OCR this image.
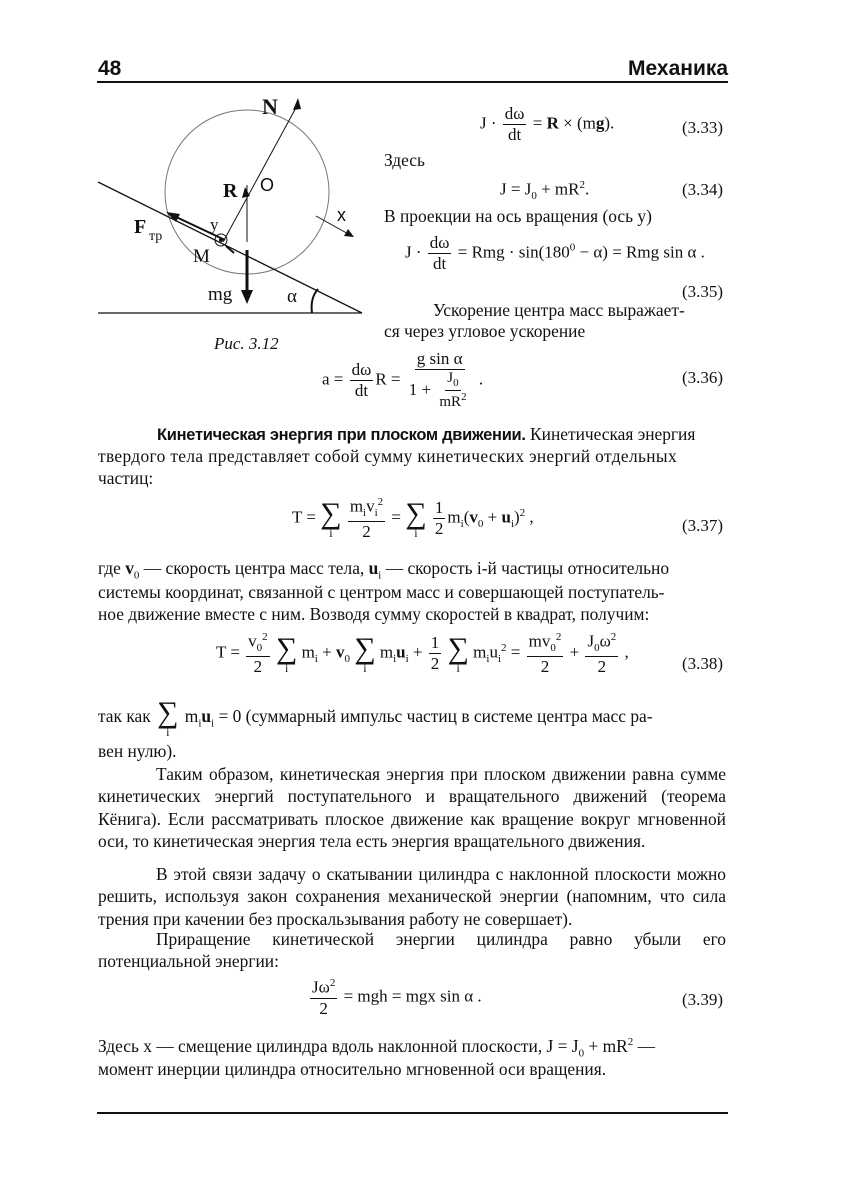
48	Механика
N
R O
F тр
y
M
x
mg	α
Рис. 3.12
$J \cdot \frac{d\omega}{dt} = R \times (mg)$.	(3.33)
Здесь
$J = J_0 + mR^2$.	(3.34)
В проекции на ось вращения (ось y)
$J \cdot \frac{d\omega}{dt}$ = Rmg · $\sin(180^0 - \alpha)$ = Rmg sin α .
(3.35)
Ускорение центра масс выражает-
ся через угловое ускорение
$a = \frac{d\omega}{dt}$ $R = \frac{\text{g sin α}}{1 + \frac{J_0}{mR^2}}$ .	(3.36)
Кинетическая энергия при плоском движении. Кинетическая энергия
твердого тела представляет собой сумму кинетических энергий отдельных
частиц:
T = ∑
i
$\frac{m_iv_i^2}{2}$ = ∑
i
$\frac{1}{2} m_i(v_0 + u_i)^2$ ,	(3.37)
где $v_0$ — скорость центра масс тела, $u_i$ — скорость i-й частицы относительно
системы координат, связанной с центром масс и совершающей поступатель-
ное движение вместе с ним. Возводя сумму скоростей в квадрат, получим:
$T = \frac{v_0^2}{2}$
∑
i
$m_i + v_0$ ∑
i
$m_iu_i + \frac{1}{2}$
∑
i
$m_iu_i^2 = \frac{mv_0^2}{2} + \frac{J_0\omega^2}{2}$ ,
(3.38)
так как ∑
i
$m_iu_i = 0$ (суммарный импульс частиц в системе центра масс ра-
вен нулю).

Таким образом, кинетическая энергия при плоском движении равна сумме кинетических энергий поступательного и вращательного движений (теорема Кёнига). Если рассматривать плоское движение как вращение вокруг мгновенной оси, то кинетическая энергия тела есть энергия вращательного движения.

В этой связи задачу о скатывании цилиндра с наклонной плоскости можно решить, используя закон сохранения механической энергии (напомним, что сила трения при качении без проскальзывания работу не совершает).

Приращение кинетической энергии цилиндра равно убыли его потенциальной энергии:

$\frac{J\omega^2}{2}$ = mgh = mgx sin α .	(3.39)
Здесь x — смещение цилиндра вдоль наклонной плоскости, $J = J_0 + mR^2$ —
момент инерции цилиндра относительно мгновенной оси вращения.
